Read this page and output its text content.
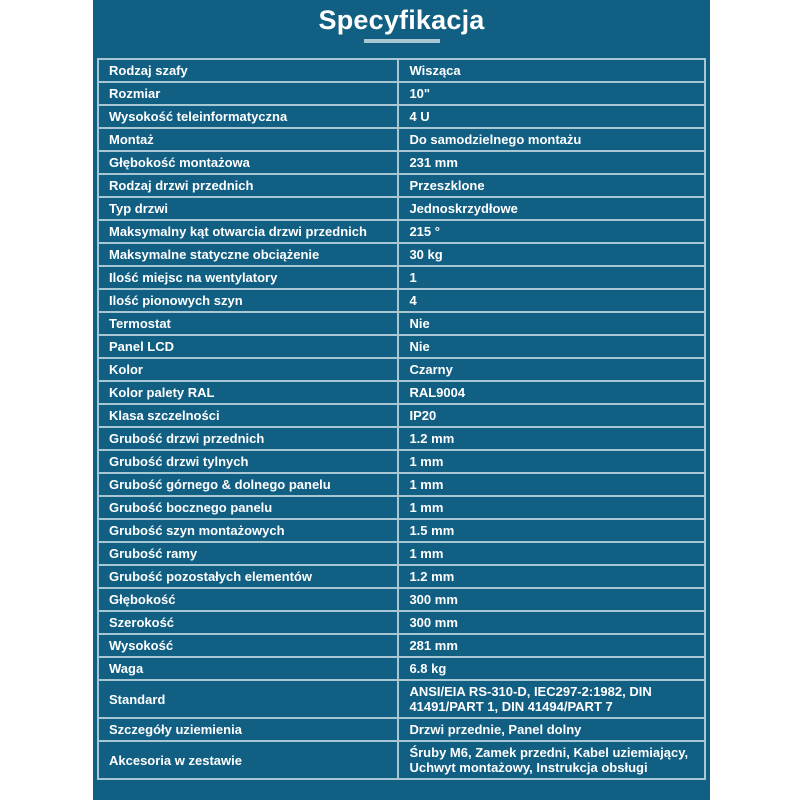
Specyfikacja
Rodzaj szafy	Wisząca
Rozmiar	10"
Wysokość teleinformatyczna	4 U
Montaż	Do samodzielnego montażu
Głębokość montażowa	231 mm
Rodzaj drzwi przednich	Przeszklone
Typ drzwi	Jednoskrzydłowe
Maksymalny kąt otwarcia drzwi przednich	215 °
Maksymalne statyczne obciążenie	30 kg
Ilość miejsc na wentylatory	1
Ilość pionowych szyn	4
Termostat	Nie
Panel LCD	Nie
Kolor	Czarny
Kolor palety RAL	RAL9004
Klasa szczelności	IP20
Grubość drzwi przednich	1.2 mm
Grubość drzwi tylnych	1 mm
Grubość górnego & dolnego panelu	1 mm
Grubość bocznego panelu	1 mm
Grubość szyn montażowych	1.5 mm
Grubość ramy	1 mm
Grubość pozostałych elementów	1.2 mm
Głębokość	300 mm
Szerokość	300 mm
Wysokość	281 mm
Waga	6.8 kg
Standard	ANSI/EIA RS-310-D, IEC297-2:1982, DIN 41491/PART 1, DIN 41494/PART 7
Szczegóły uziemienia	Drzwi przednie, Panel dolny
Akcesoria w zestawie	Śruby M6, Zamek przedni, Kabel uziemiający, Uchwyt montażowy, Instrukcja obsługi
